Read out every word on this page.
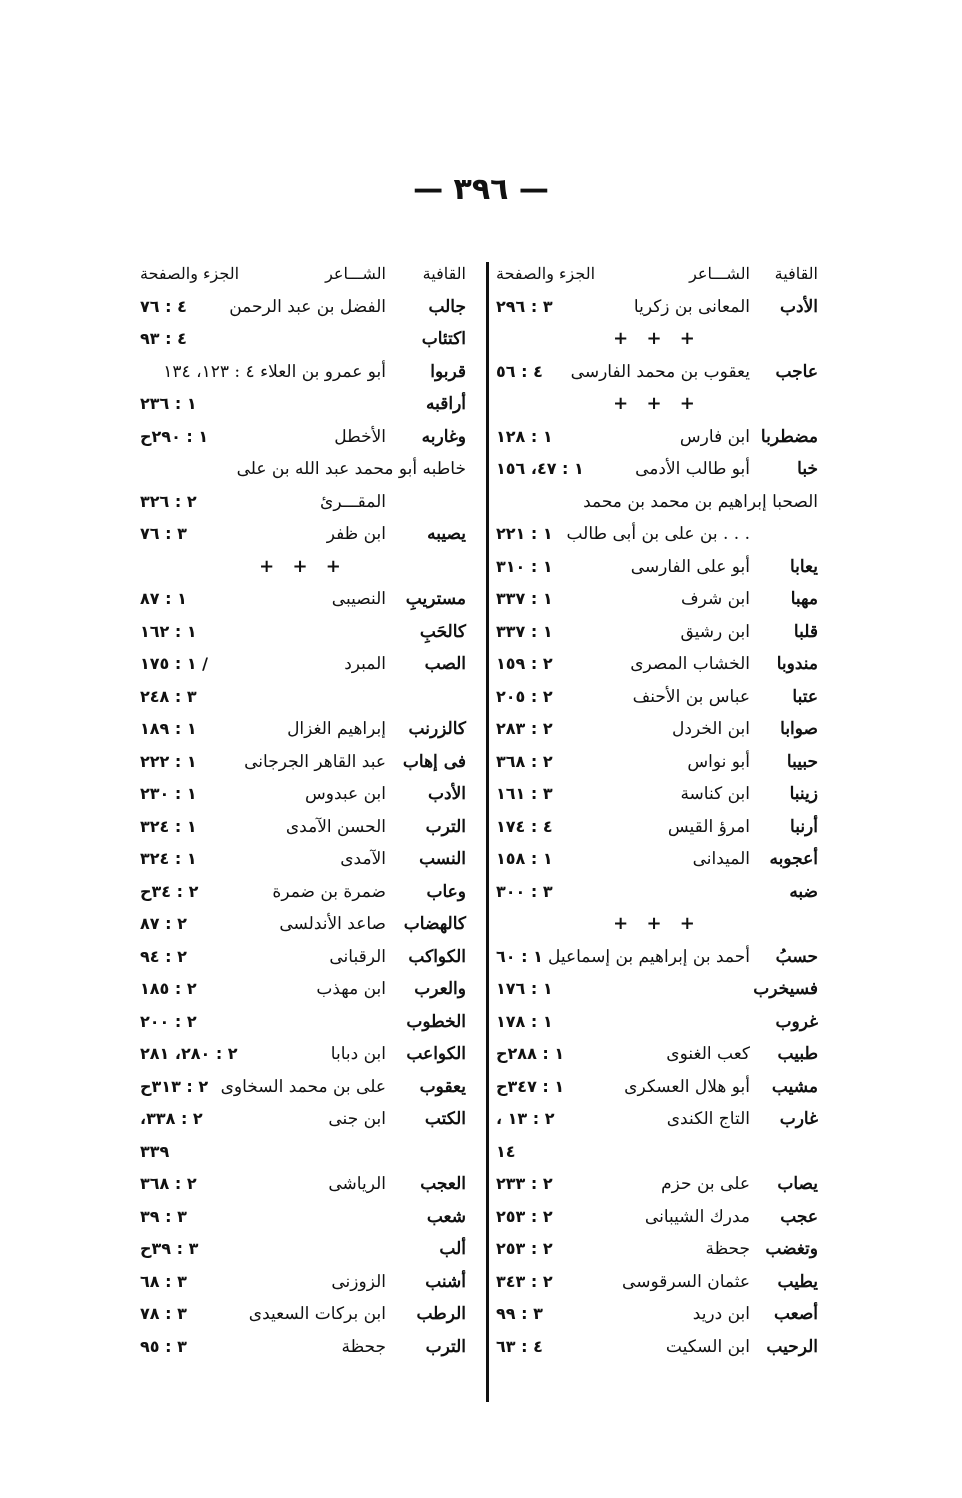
— ٣٩٦ —
القافية
الشـــاعر
الجزء والصفحة
الأدب
المعانى بن زكريا
٣ : ٢٩٦
+ + +
عاجب
يعقوب بن محمد الفارسى
٤ : ٥٦
+ + +
مضطربا
ابن فارس
١ : ١٢٨
خبا
أبو طالب الأدمى
١ : ٤٧، ١٥٦
الصحبا إبراهيم بن محمد بن محمد
. . . بن على بن أبى طالب
١ : ٢٢١
يعابا
أبو على الفارسى
١ : ٣١٠
مهبا
ابن شرف
١ : ٣٣٧
قلبا
ابن رشيق
١ : ٣٣٧
مندوبا
الخشاب المصرى
٢ : ١٥٩
عتبا
عباس بن الأحنف
٢ : ٢٠٥
صوابا
ابن الخردل
٢ : ٢٨٣
حبيبا
أبو نواس
٢ : ٣٦٨
زينبا
ابن كناسة
٣ : ١٦١
أرنبا
امرؤ القيس
٤ : ١٧٤
أعجوبه
الميدانى
١ : ١٥٨
ضبه
٣ : ٣٠٠
+ + +
حسبُ
أحمد بن إبراهيم بن إسماعيل
١ : ٦٠
فسيخرب
١ : ١٧٦
غروب
١ : ١٧٨
طبيب
كعب الغنوى
١ : ٢٨٨ح
مشيب
أبو هلال العسكرى
١ : ٣٤٧ح
غارب
التاج الكندى
٢ : ١٣ ،
١٤
يصاب
على بن حزم
٢ : ٢٣٣
عجب
مدرك الشيبانى
٢ : ٢٥٣
وتغضب
جحظة
٢ : ٢٥٣
يطيب
عثمان السرقوسى
٢ : ٣٤٣
أصعب
ابن دريد
٣ : ٩٩
الرحيب
ابن السكيت
٤ : ٦٣
القافية
الشـــاعر
الجزء والصفحة
جالب
الفضل بن عبد الرحمن
٤ : ٧٦
اكتئاب
٤ : ٩٣
قربوا
أبو عمرو بن العلاء ٤ : ١٢٣، ١٣٤
أراقبه
١ : ٢٣٦
وغاربه
الأخطل
١ : ٢٩٠ح
خاطبه أبو محمد عبد الله بن على
المقـــرئ
٢ : ٣٢٦
يصيبه
ابن ظفر
٣ : ٧٦
+ + +
مستريبِ
النصيبى
١ : ٨٧
كالحَبِ
١ : ١٦٢
الصب
المبرد
/ ١ : ١٧٥
٣ : ٢٤٨
كالزرنب
إبراهيم الغزال
١ : ١٨٩
فى إهاب
عبد القاهر الجرجانى
١ : ٢٢٢
الأدب
ابن عبدوس
١ : ٢٣٠
الترب
الحسن الآمدى
١ : ٣٢٤
النسب
الآمدى
١ : ٣٢٤
وعاب
ضمرة بن ضمرة
٢ : ٣٤ح
كالهضاب
صاعد الأندلسى
٢ : ٨٧
الكواكب
الرقبانى
٢ : ٩٤
والعرب
ابن مهذب
٢ : ١٨٥
الخطوب
٢ : ٢٠٠
الكواعب
ابن دبابا
٢ : ٢٨٠، ٢٨١
يعقوب
على بن محمد السخاوى
٢ : ٣١٣ح
الكتب
ابن جنى
٢ : ٣٣٨،
٣٣٩
العجب
الرياشى
٢ : ٣٦٨
شعب
٣ : ٣٩
ألب
٣ : ٣٩ح
أشنب
الزوزنى
٣ : ٦٨
الرطب
ابن بركات السعيدى
٣ : ٧٨
الترب
جحظة
٣ : ٩٥
